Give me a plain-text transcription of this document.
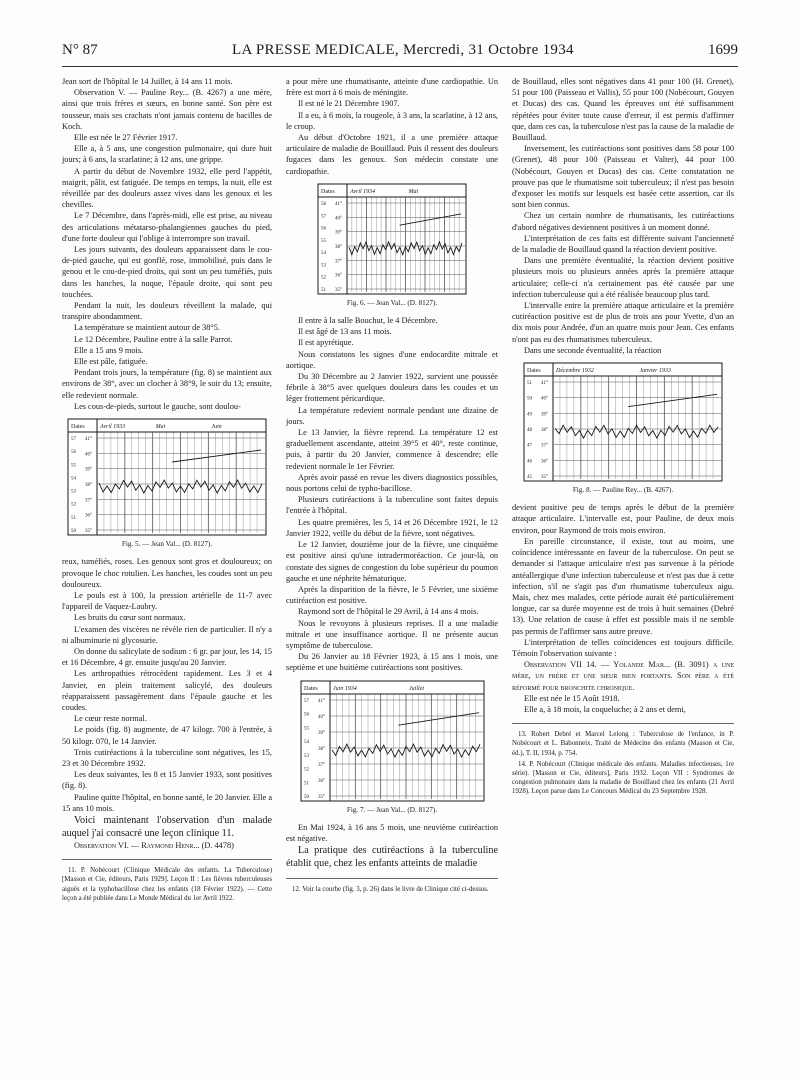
N° 87	LA PRESSE MEDICALE, Mercredi, 31 Octobre 1934	1699

Jean sort de l'hôpital le 14 Juillet, à 14 ans 11 mois.

Observation V. — Pauline Rey... (B. 4267) a une mère, ainsi que trois frères et sœurs, en bonne santé. Son père est tousseur, mais ses crachats n'ont jamais contenu de bacilles de Koch.

Elle est née le 27 Février 1917.

Elle a, à 5 ans, une congestion pulmonaire, qui dure huit jours; à 6 ans, la scarlatine; à 12 ans, une grippe.

A partir du début de Novembre 1932, elle perd l'appétit, maigrit, pâlit, est fatiguée. De temps en temps, la nuit, elle est réveillée par des douleurs assez vives dans les genoux et les chevilles.

Le 7 Décembre, dans l'après-midi, elle est prise, au niveau des articulations métatarso-phalangiennes gauches du pied, d'une forte douleur qui l'oblige à interrompre son travail.

Les jours suivants, des douleurs apparaissent dans le cou-de-pied gauche, qui est gonflé, rose, immobilisé, puis dans le genou et le cou-de-pied droits, qui sont un peu tuméfiés, puis dans les hanches, la nuque, l'épaule droite, qui sont peu touchées.

Pendant la nuit, les douleurs réveillent la malade, qui transpire abondamment.

La température se maintient autour de 38°5.

Le 12 Décembre, Pauline entre à la salle Parrot.

Elle a 15 ans 9 mois.

Elle est pâle, fatiguée.

Pendant trois jours, la température (fig. 8) se maintient aux environs de 38°, avec un clocher à 38°9, le soir du 13; ensuite, elle redevient normale.

Les cous-de-pieds, surtout le gauche, sont doulou-

Dates	Avril 1933	Mai	Juin
41°
40°
39°
38°
37°
36°
35°
57
56
55
54
53
52
51
50
Fig. 5. — Jean Val... (D. 8127).

reux, tuméfiés, roses. Les genoux sont gros et douloureux; on provoque le choc rotulien. Les hanches, les coudes sont un peu douloureux.

Le pouls est à 100, la pression artérielle de 11-7 avec l'appareil de Vaquez-Laubry.

Les bruits du cœur sont normaux.

L'examen des viscères ne révèle rien de particulier. Il n'y a ni albuminurie ni glycosurie.

On donne du salicylate de sodium : 6 gr. par jour, les 14, 15 et 16 Décembre, 4 gr. ensuite jusqu'au 20 Janvier.

Les arthropathies rétrocèdent rapidement. Les 3 et 4 Janvier, en plein traitement salicylé, des douleurs réapparaissent passagèrement dans l'épaule gauche et les coudes.

Le cœur reste normal.

Le poids (fig. 8) augmente, de 47 kilogr. 700 à l'entrée, à 50 kilogr. 070, le 14 Janvier.

Trois cutiréactions à la tuberculine sont négatives, les 15, 23 et 30 Décembre 1932.

Les deux suivantes, les 8 et 15 Janvier 1933, sont positives (fig. 8).

Pauline quitte l'hôpital, en bonne santé, le 20 Janvier. Elle a 15 ans 10 mois.

Voici maintenant l'observation d'un malade auquel j'ai consacré une leçon clinique 11.

Observation VI. — Raymond Henr... (D. 4478)

11. P. Nobécourt (Clinique Médicale des enfants. La Tuberculose) [Masson et Cie, éditeurs, Paris 1929]. Leçon II : Les fièvres tuberculeuses aiguës et la typhobacillose chez les enfants (18 Février 1922). — Cette leçon a été publiée dans Le Monde Médical du 1er Avril 1922.

a pour mère une rhumatisante, atteinte d'une cardiopathie. Un frère est mort à 6 mois de méningite.

Il est né le 21 Décembre 1907.

Il a eu, à 6 mois, la rougeole, à 3 ans, la scarlatine, à 12 ans, le croup.

Au début d'Octobre 1921, il a une première attaque articulaire de maladie de Bouillaud. Puis il ressent des douleurs fugaces dans les genoux. Son médecin constate une cardiopathie.

Dates	Avril 1934	Mai
41°
40°
39°
38°
37°
36°
35°
58
57
56
55
54
53
52
51
Fig. 6. — Jean Val... (D. 8127).

Il entre à la salle Bouchut, le 4 Décembre.

Il est âgé de 13 ans 11 mois.

Il est apyrétique.

Nous constatons les signes d'une endocardite mitrale et aortique.

Du 30 Décembre au 2 Janvier 1922, survient une poussée fébrile à 38°5 avec quelques douleurs dans les coudes et un léger frottement péricardique.

La température redevient normale pendant une dizaine de jours.

Le 13 Janvier, la fièvre reprend. La température 12 est graduellement ascendante, atteint 39°5 et 40°, reste continue, puis, à partir du 20 Janvier, commence à descendre; elle redevient normale le 1er Février.

Après avoir passé en revue les divers diagnostics possibles, nous portons celui de typho-bacillose.

Plusieurs cutiréactions à la tuberculine sont faites depuis l'entrée à l'hôpital.

Les quatre premières, les 5, 14 et 26 Décembre 1921, le 12 Janvier 1922, veille du début de la fièvre, sont négatives.

Le 12 Janvier, douzième jour de la fièvre, une cinquième est positive ainsi qu'une intradermoréaction. Ce jour-là, on constate des signes de congestion du lobe supérieur du poumon gauche et une néphrite hématurique.

Après la disparition de la fièvre, le 5 Février, une sixième cutiréaction est positive.

Raymond sort de l'hôpital le 29 Avril, à 14 ans 4 mois.

Nous le revoyons à plusieurs reprises. Il a une maladie mitrale et une insuffisance aortique. Il ne présente aucun symptôme de tuberculose.

Du 26 Janvier au 18 Février 1923, à 15 ans 1 mois, une septième et une huitième cutiréactions sont positives.

Dates	Juin 1934	Juillet
41°
40°
39°
38°
37°
36°
35°
57
56
55
54
53
52
51
50
Fig. 7. — Jean Val... (D. 8127).

En Mai 1924, à 16 ans 5 mois, une neuvième cutiréaction est négative.

La pratique des cutiréactions à la tuberculine établit que, chez les enfants atteints de maladie

12. Voir la courbe (fig. 3, p. 26) dans le livre de Clinique cité ci-dessus.

de Bouillaud, elles sont négatives dans 41 pour 100 (H. Grenet), 51 pour 100 (Paisseau et Vallis), 55 pour 100 (Nobécourt, Gouyen et Ducas) des cas. Quand les épreuves ont été suffisamment répétées pour éviter toute cause d'erreur, il est permis d'affirmer que, dans ces cas, la tuberculose n'est pas la cause de la maladie de Bouillaud.

Inversement, les cutiréactions sont positives dans 58 pour 100 (Grenet), 48 pour 100 (Paisseau et Valter), 44 pour 100 (Nobécourt, Gouyen et Ducas) des cas. Cette constatation ne prouve pas que le rhumatisme soit tuberculeux; il n'est pas besoin d'exposer les motifs sur lesquels est basée cette assertion, car ils sont bien connus.

Chez un certain nombre de rhumatisants, les cutiréactions d'abord négatives deviennent positives à un moment donné.

L'interprétation de ces faits est différente suivant l'ancienneté de la maladie de Bouillaud quand la réaction devient positive.

Dans une première éventualité, la réaction devient positive plusieurs mois ou plusieurs années après la première attaque articulaire; celle-ci n'a certainement pas été causée par une infection tuberculeuse qui a été réalisée beaucoup plus tard.

L'intervalle entre la première attaque articulaire et la première cutiréaction positive est de plus de trois ans pour Yvette, d'un an dix mois pour Andrée, d'un an quatre mois pour Jean. Ces enfants n'ont pas eu des rhumatismes tuberculeux.

Dans une seconde éventualité, la réaction

Dates	Décembre 1932	Janvier 1933
41°
40°
39°
38°
37°
36°
35°
51
50
49
48
47
46
45
Fig. 8. — Pauline Rey... (B. 4267).

devient positive peu de temps après le début de la première attaque articulaire. L'intervalle est, pour Pauline, de deux mois environ, pour Raymond de trois mois environ.

En pareille circonstance, il existe, tout au moins, une coïncidence intéressante en faveur de la tuberculose. On peut se demander si l'attaque articulaire n'est pas survenue à la période antéallergique d'une infection tuberculeuse et n'est pas due à cette infection, s'il ne s'agit pas d'un rhumatisme tuberculeux aigu. Mais, chez mes malades, cette période aurait été particulièrement longue, car sa durée moyenne est de trois à huit semaines (Debré 13). Une relation de cause à effet est possible mais il ne semble pas permis de l'affirmer sans autre preuve.

L'interprétation de telles coïncidences est toujours difficile. Témoin l'observation suivante :

Observation VII 14. — Yolande Mar... (B. 3091) a une mère, un frère et une sœur bien portants. Son père a été réformé pour bronchite chronique.

Elle est née le 15 Août 1918.

Elle a, à 18 mois, la coqueluche; à 2 ans et demi,

13. Robert Debré et Marcel Lelong : Tuberculose de l'enfance, in P. Nobécourt et L. Babonneix. Traité de Médecine des enfants (Masson et Cie, éd.), T. II, 1934, p. 754.

14. P. Nobécourt (Clinique médicale des enfants. Maladies infectieuses, 1re série). [Masson et Cie, éditeurs], Paris 1932. Leçon VII : Syndromes de congestion pulmonaire dans la maladie de Bouillaud chez les enfants (21 Avril 1928). Leçon parue dans Le Concours Médical du 23 Septembre 1928.
